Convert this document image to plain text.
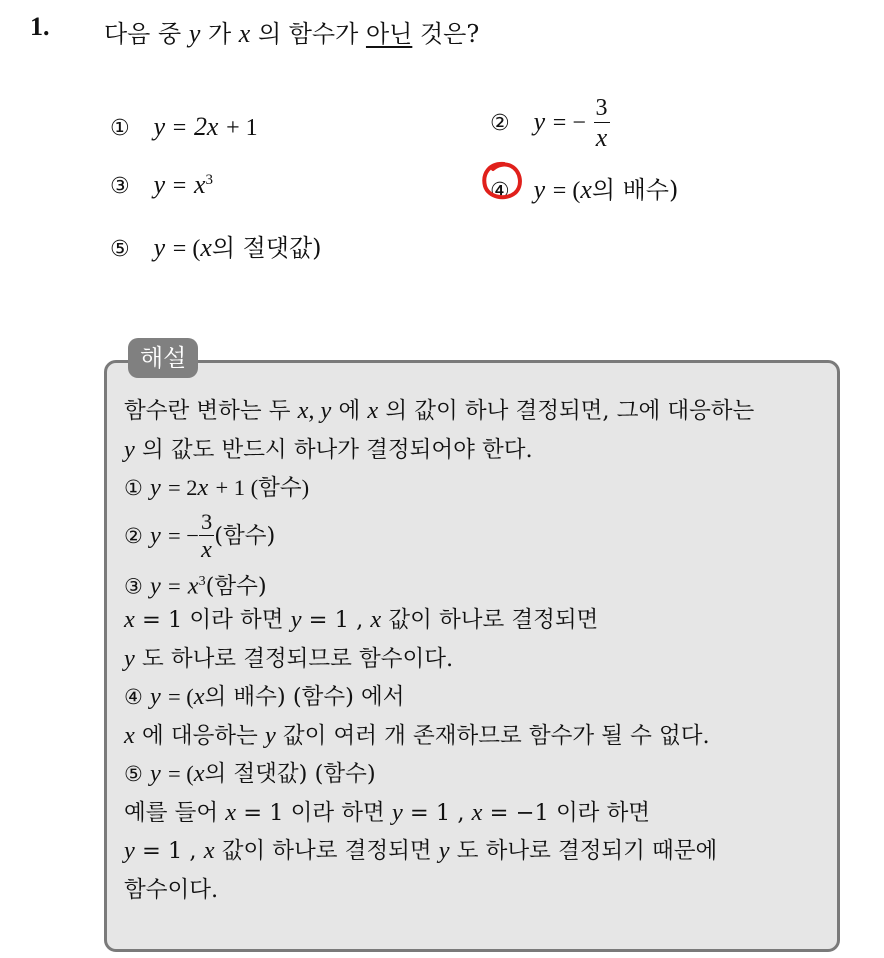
1. 다음 중 y 가 x 의 함수가 아닌 것은?
① y = 2x + 1	② y = − $\frac{3}{x}$
③ $y = x^3$	④ y = (x의 배수)
⑤ y = (x의 절댓값)
해설
함수란 변하는 두 x, y 에 x 의 값이 하나 결정되면, 그에 대응하는
y 의 값도 반드시 하나가 결정되어야 한다.
① y = 2x + 1 (함수)
② y = − $\frac{3}{x}$ (함수)
③ $y = x^3$(함수)
x = 1 이라 하면 y = 1 , x 값이 하나로 결정되면
y 도 하나로 결정되므로 함수이다.
④ y = (x의 배수) (함수) 에서
x 에 대응하는 y 값이 여러 개 존재하므로 함수가 될 수 없다.
⑤ y = (x의 절댓값) (함수)
예를 들어 x = 1 이라 하면 y = 1 , x = −1 이라 하면
y = 1 , x 값이 하나로 결정되면 y 도 하나로 결정되기 때문에
함수이다.
